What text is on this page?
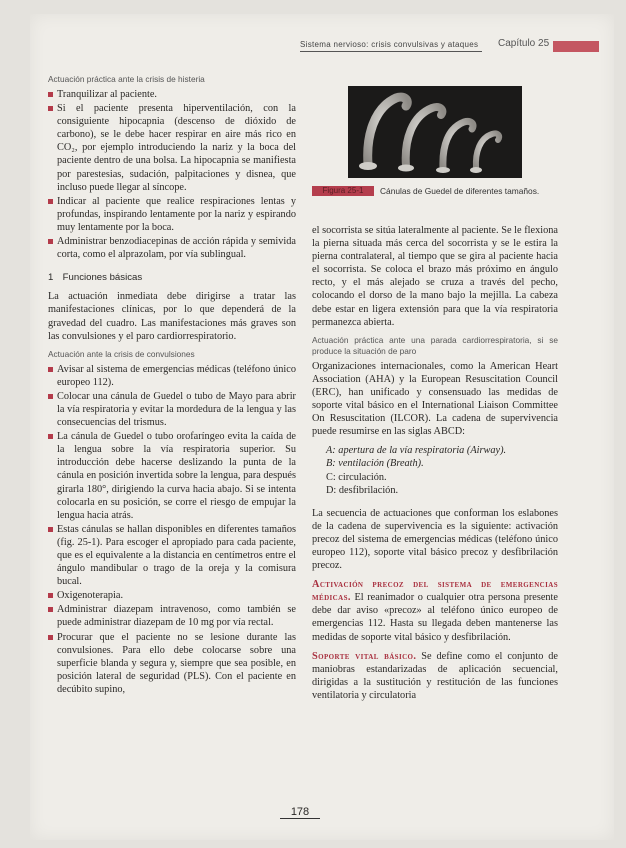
Sistema nervioso: crisis convulsivas y ataques Capítulo 25
Actuación práctica ante la crisis de histeria
Tranquilizar al paciente.
Si el paciente presenta hiperventilación, con la consiguiente hipocapnia (descenso de dióxido de carbono), se le debe hacer respirar en aire más rico en CO₂, por ejemplo introduciendo la nariz y la boca del paciente dentro de una bolsa. La hipocapnia se manifiesta por parestesias, sudación, palpitaciones y disnea, que incluso puede llegar al síncope.
Indicar al paciente que realice respiraciones lentas y profundas, inspirando lentamente por la nariz y espirando muy lentamente por la boca.
Administrar benzodiacepinas de acción rápida y semivida corta, como el alprazolam, por vía sublingual.
1 Funciones básicas

La actuación inmediata debe dirigirse a tratar las manifestaciones clínicas, por lo que dependerá de la gravedad del cuadro. Las manifestaciones más graves son las convulsiones y el paro cardiorrespiratorio.

Actuación ante la crisis de convulsiones
Avisar al sistema de emergencias médicas (teléfono único europeo 112).
Colocar una cánula de Guedel o tubo de Mayo para abrir la vía respiratoria y evitar la mordedura de la lengua y las consecuencias del trismus.
La cánula de Guedel o tubo orofaríngeo evita la caída de la lengua sobre la vía respiratoria superior. Su introducción debe hacerse deslizando la punta de la cánula en posición invertida sobre la lengua, para después girarla 180°, dirigiendo la curva hacia abajo. Si se intenta colocarla en su posición, se corre el riesgo de empujar la lengua hacia atrás.
Estas cánulas se hallan disponibles en diferentes tamaños (fig. 25-1). Para escoger el apropiado para cada paciente, que es el equivalente a la distancia en centímetros entre el ángulo mandibular o trago de la oreja y la comisura bucal.
Oxigenoterapia.
Administrar diazepam intravenoso, como también se puede administrar diazepam de 10 mg por vía rectal.
Procurar que el paciente no se lesione durante las convulsiones. Para ello debe colocarse sobre una superficie blanda y segura y, siempre que sea posible, en posición lateral de seguridad (PLS). Con el paciente en decúbito supino,
Figura 25-1	Cánulas de Guedel de diferentes tamaños.

el socorrista se sitúa lateralmente al paciente. Se le flexiona la pierna situada más cerca del socorrista y se le estira la pierna contralateral, al tiempo que se gira al paciente hacia el socorrista. Se coloca el brazo más próximo en ángulo recto, y el más alejado se cruza a través del pecho, colocando el dorso de la mano bajo la mejilla. La cabeza debe estar en ligera extensión para que la vía respiratoria permanezca abierta.

Actuación práctica ante una parada cardiorrespiratoria, si se produce la situación de paro

Organizaciones internacionales, como la American Heart Association (AHA) y la European Resuscitation Council (ERC), han unificado y consensuado las medidas de soporte vital básico en el International Liaison Committee On Resuscitation (ILCOR). La cadena de supervivencia puede resumirse en las siglas ABCD:

A: apertura de la vía respiratoria (Airway).
B: ventilación (Breath).
C: circulación.
D: desfibrilación.

La secuencia de actuaciones que conforman los eslabones de la cadena de supervivencia es la siguiente: activación precoz del sistema de emergencias médicas (teléfono único europeo 112), soporte vital básico precoz y desfibrilación precoz.

Activación precoz del sistema de emergencias médicas. El reanimador o cualquier otra persona presente debe dar aviso «precoz» al teléfono único europeo de emergencias 112. Hasta su llegada deben mantenerse las medidas de soporte vital básico y desfibrilación.

Soporte vital básico. Se define como el conjunto de maniobras estandarizadas de aplicación secuencial, dirigidas a la sustitución y restitución de las funciones ventilatoria y circulatoria

178
